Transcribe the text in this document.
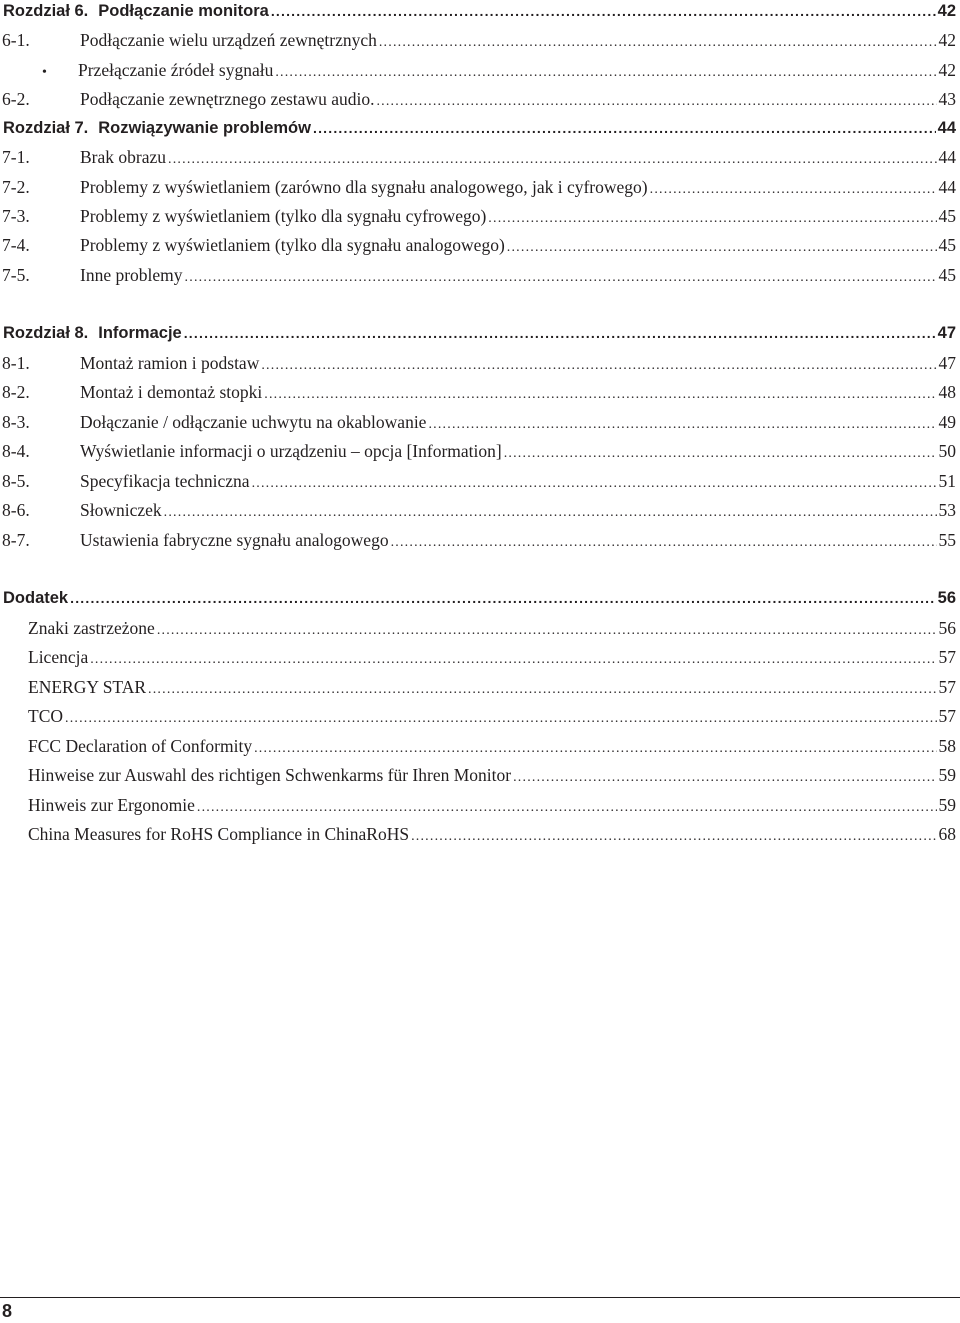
Rozdział 6. Podłączanie monitora .....	42
6-1.	Podłączanie wielu urządzeń zewnętrznych .....	42
•	Przełączanie źródeł sygnału .....	42
6-2.	Podłączanie zewnętrznego zestawu audio. .....	43
Rozdział 7. Rozwiązywanie problemów .....	44
7-1.	Brak obrazu .....	44
7-2.	Problemy z wyświetlaniem (zarówno dla sygnału analogowego, jak i cyfrowego) .....	44
7-3.	Problemy z wyświetlaniem (tylko dla sygnału cyfrowego) .....	45
7-4.	Problemy z wyświetlaniem (tylko dla sygnału analogowego) .....	45
7-5.	Inne problemy .....	45
Rozdział 8. Informacje .....	47
8-1.	Montaż ramion i podstaw .....	47
8-2.	Montaż i demontaż stopki .....	48
8-3.	Dołączanie / odłączanie uchwytu na okablowanie .....	49
8-4.	Wyświetlanie informacji o urządzeniu – opcja [Information] .....	50
8-5.	Specyfikacja techniczna .....	51
8-6.	Słowniczek .....	53
8-7.	Ustawienia fabryczne sygnału analogowego .....	55
Dodatek .....	56
Znaki zastrzeżone .....	56
Licencja .....	57
ENERGY STAR .....	57
TCO .....	57
FCC Declaration of Conformity .....	58
Hinweise zur Auswahl des richtigen Schwenkarms für Ihren Monitor .....	59
Hinweis zur Ergonomie .....	59
China Measures for RoHS Compliance in ChinaRoHS .....	68
8
